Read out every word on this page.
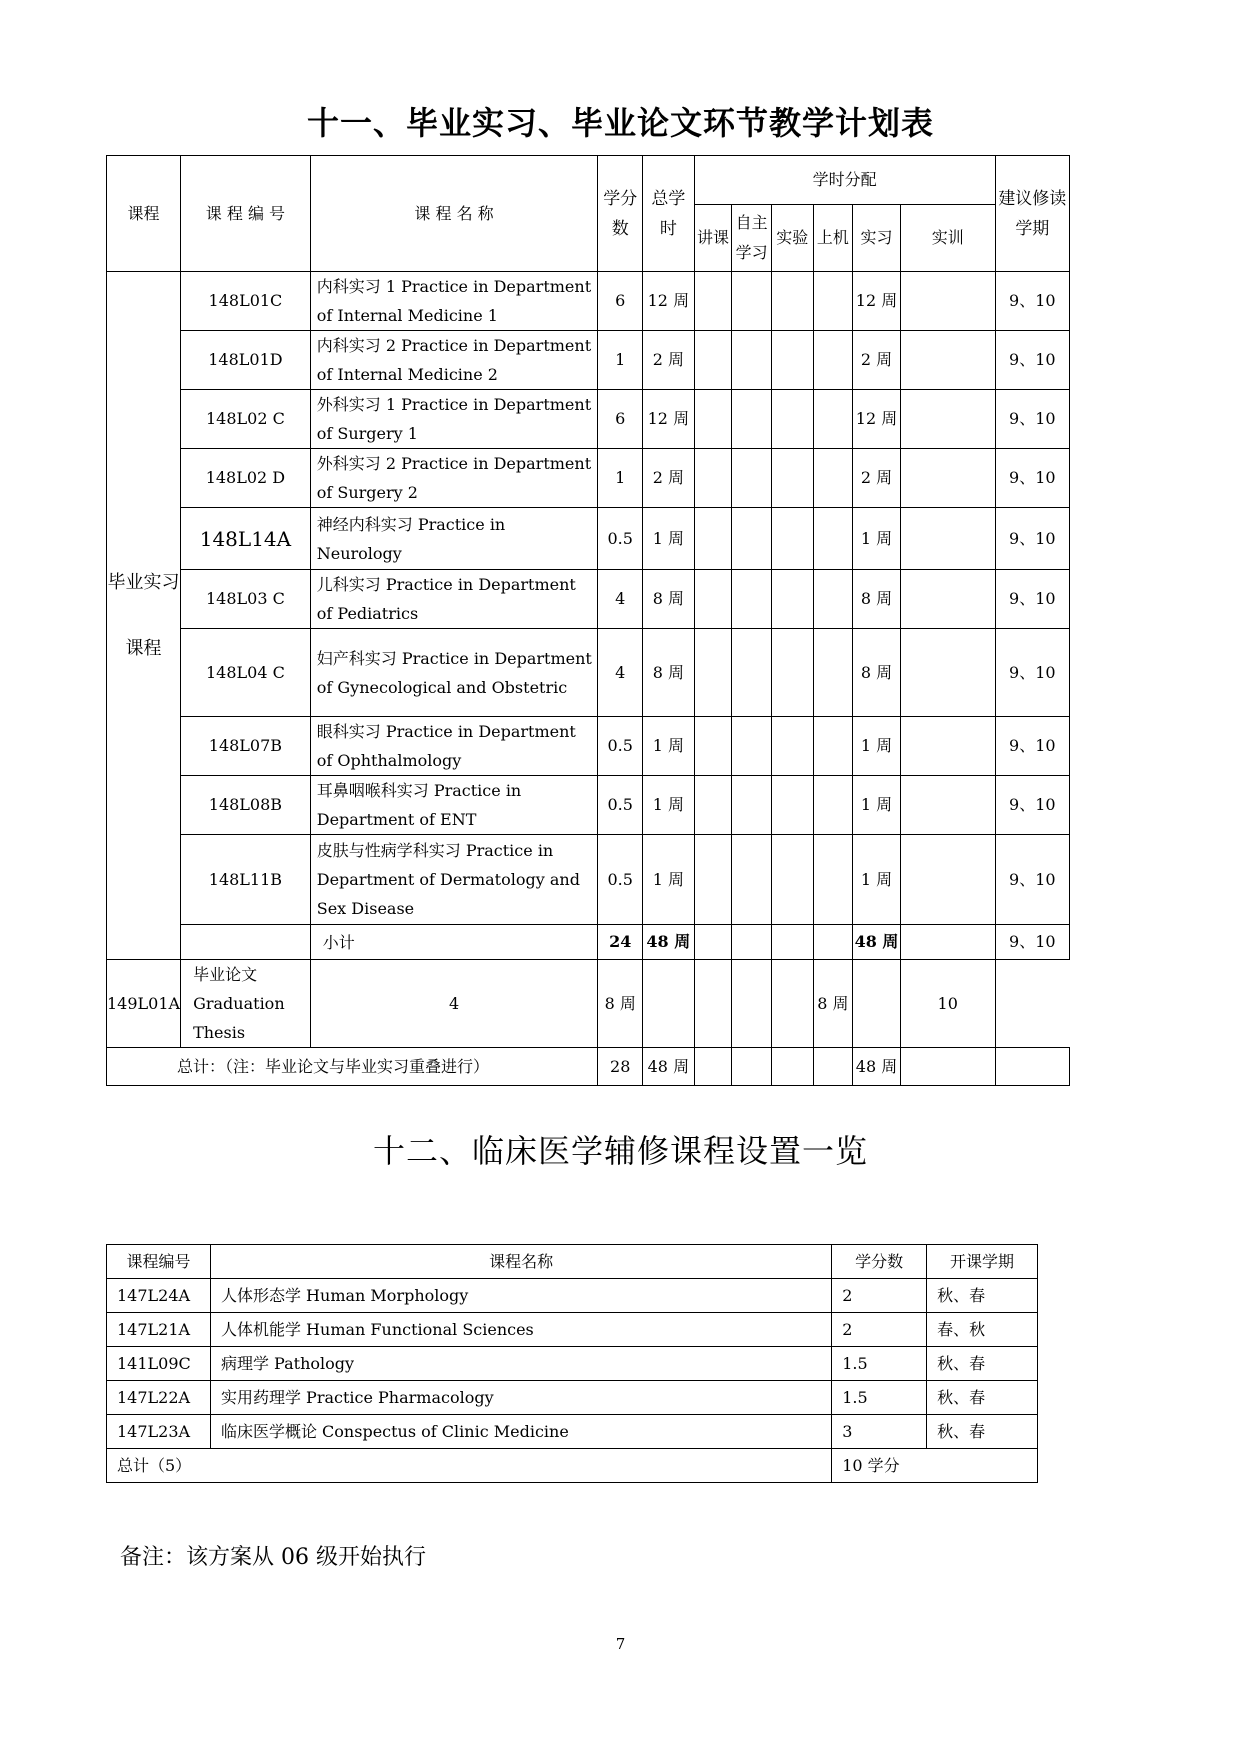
十一、毕业实习、毕业论文环节教学计划表
课程	课 程 编 号	课 程 名 称	学分数	总学时	学时分配						建议修读学期
					讲课	自主学习	实验	上机	实习	实训	
毕业实习课程	148L01C	内科实习 1 Practice in Department of Internal Medicine 1	6	12 周					12 周		9、10
	148L01D	内科实习 2 Practice in Department of Internal Medicine 2	1	2 周					2 周		9、10
	148L02 C	外科实习 1 Practice in Department of Surgery 1	6	12 周					12 周		9、10
	148L02 D	外科实习 2 Practice in Department of Surgery 2	1	2 周					2 周		9、10
	148L14A	神经内科实习 Practice in Neurology	0.5	1 周					1 周		9、10
	148L03 C	儿科实习 Practice in Department of Pediatrics	4	8 周					8 周		9、10
	148L04 C	妇产科实习 Practice in Department of Gynecological and Obstetric	4	8 周					8 周		9、10
	148L07B	眼科实习 Practice in Department of Ophthalmology	0.5	1 周					1 周		9、10
	148L08B	耳鼻咽喉科实习 Practice in Department of ENT	0.5	1 周					1 周		9、10
	148L11B	皮肤与性病学科实习 Practice in Department of Dermatology and Sex Disease	0.5	1 周					1 周		9、10
		小计	24	48 周					48 周		9、10
149L01A	毕业论文 Graduation Thesis	4	8 周					8 周		10	
总计：（注：毕业论文与毕业实习重叠进行）			28	48 周					48 周		
十二、临床医学辅修课程设置一览
课程编号	课程名称	学分数	开课学期
147L24A	人体形态学 Human Morphology	2	秋、春
147L21A	人体机能学 Human Functional Sciences	2	春、秋
141L09C	病理学 Pathology	1.5	秋、春
147L22A	实用药理学 Practice Pharmacology	1.5	秋、春
147L23A	临床医学概论 Conspectus of Clinic Medicine	3	秋、春
总计（5）		10 学分	
备注：该方案从 06 级开始执行
7
